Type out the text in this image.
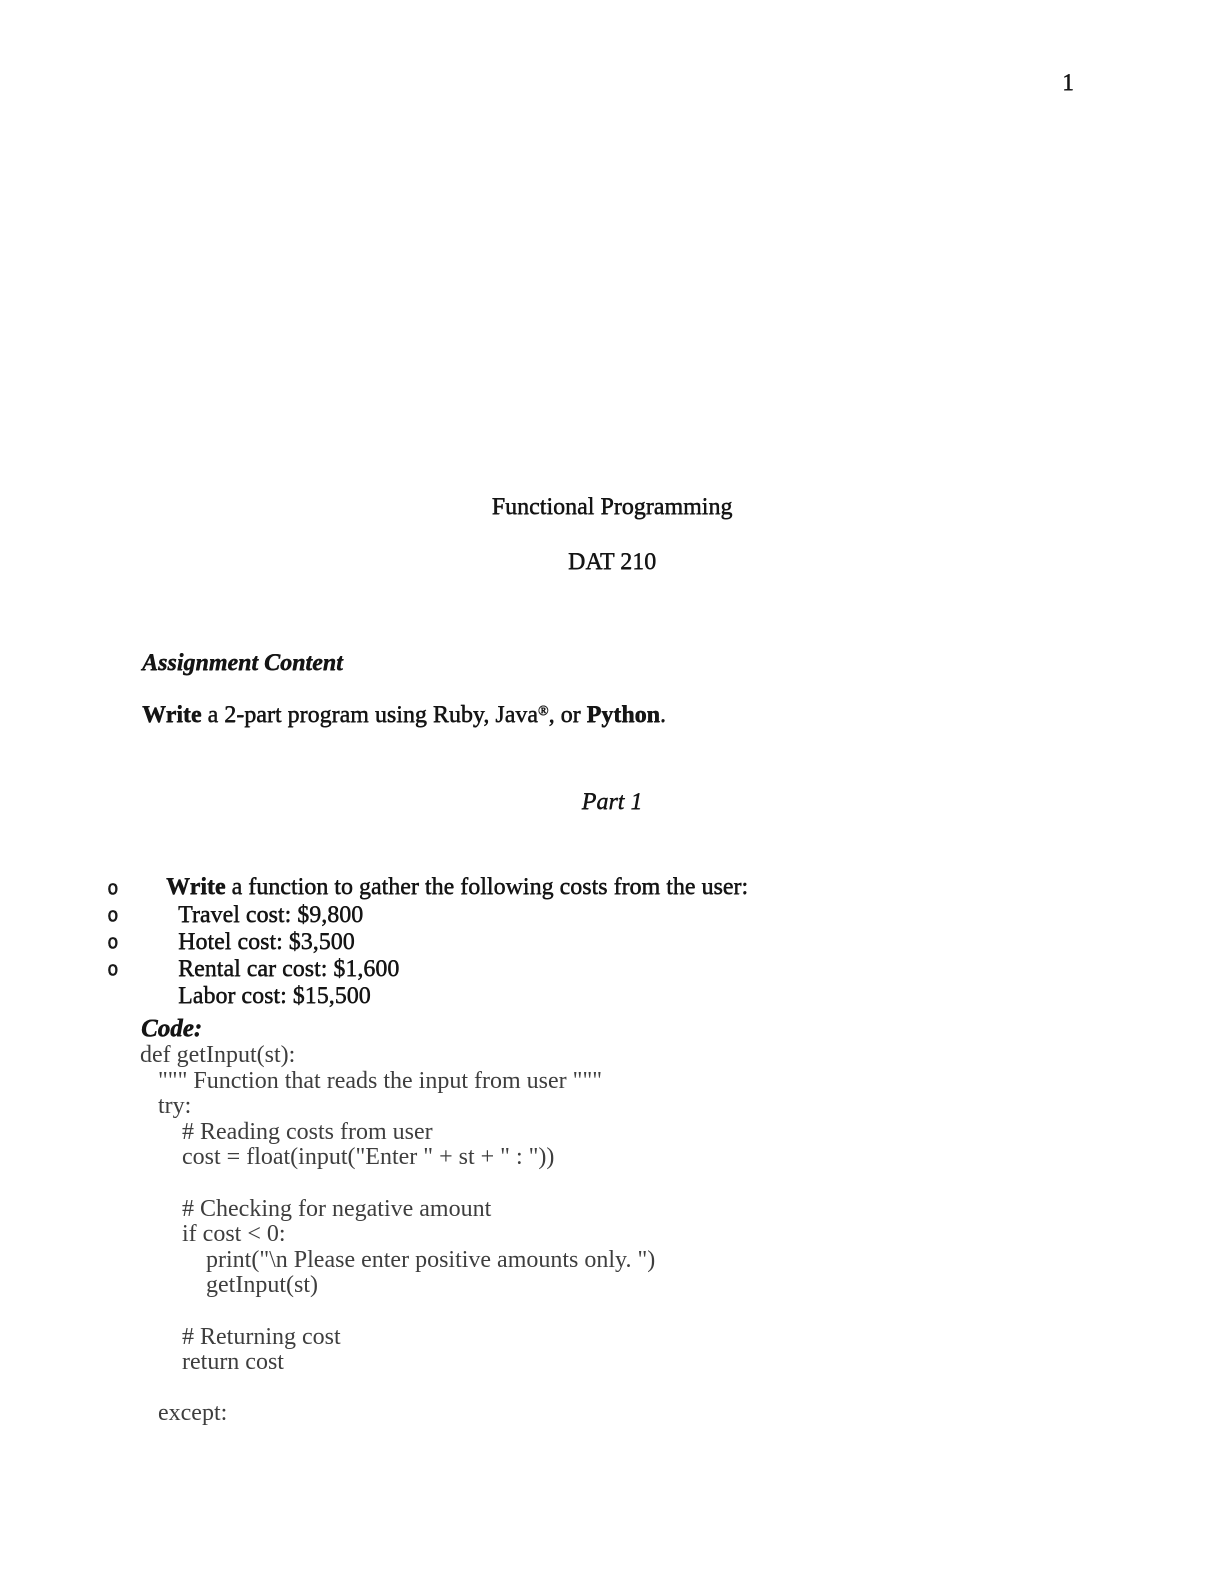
1
Functional Programming
DAT 210
Assignment Content
Write a 2-part program using Ruby, Java®, or Python.
Part 1

Write a function to gather the following costs from the user:

o
Travel cost: $9,800

o
Hotel cost: $3,500

o
Rental car cost: $1,600

o
Labor cost: $15,500

Code:
def getInput(st):
""" Function that reads the input from user """
try:
# Reading costs from user
cost = float(input("Enter " + st + " : "))
# Checking for negative amount
if cost < 0:
print("\n Please enter positive amounts only. ")
getInput(st)
# Returning cost
return cost
except:
